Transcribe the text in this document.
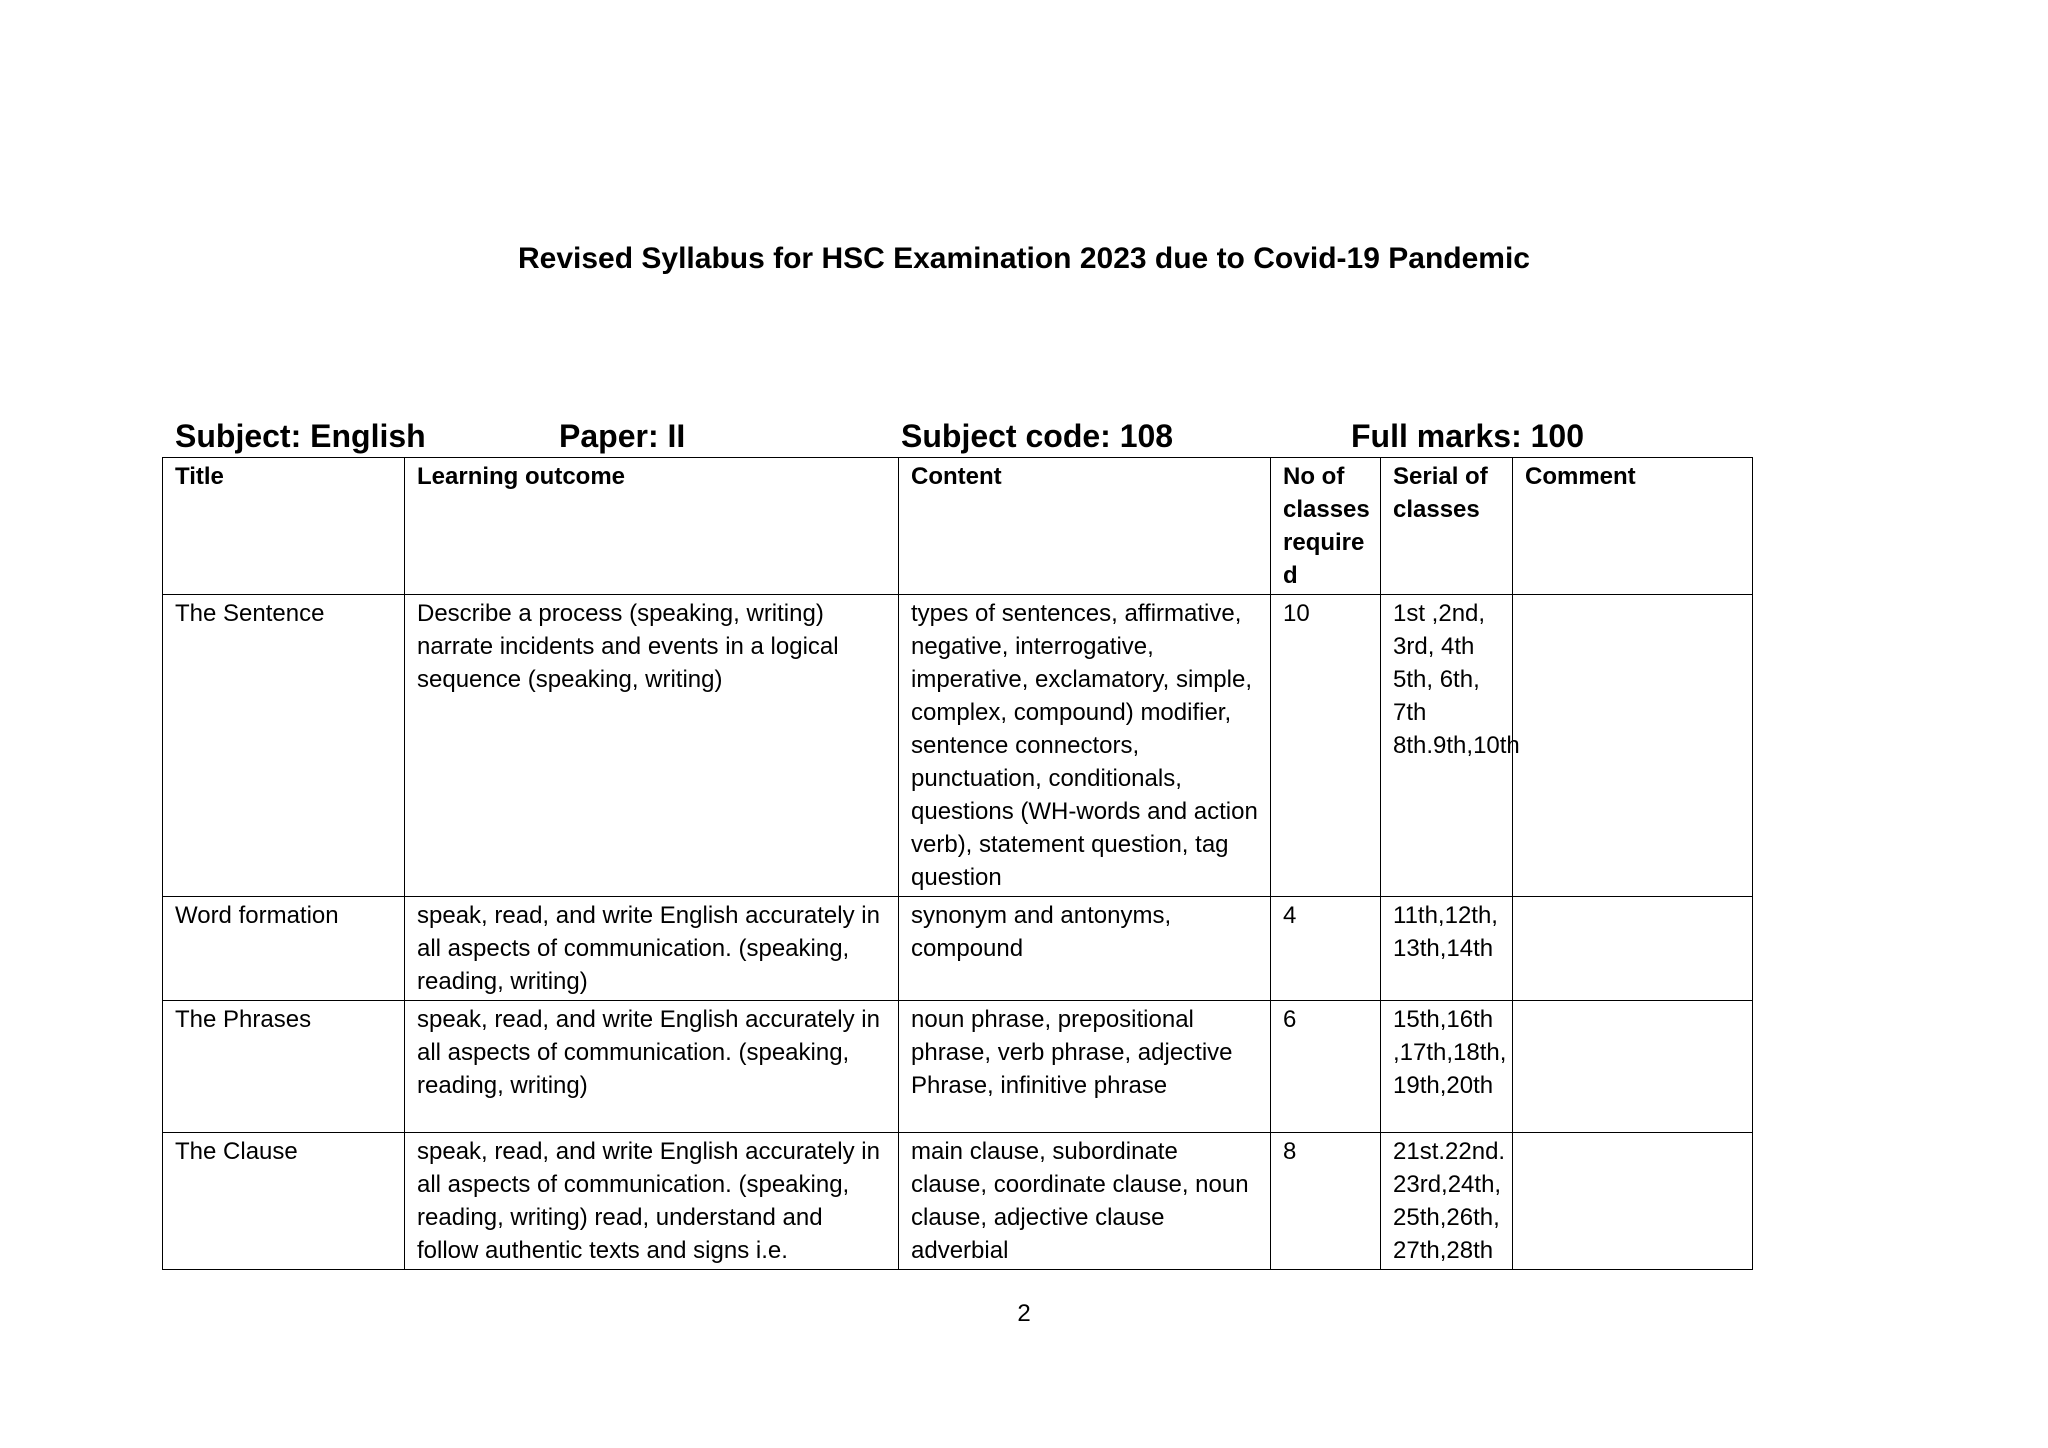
Revised Syllabus for HSC Examination 2023 due to Covid-19 Pandemic
Subject: English	Paper: II	Subject code: 108	Full marks: 100
Title	Learning outcome	Content	No of classes require d	Serial of classes	Comment
The Sentence	Describe a process (speaking, writing) narrate incidents and events in a logical sequence (speaking, writing)	types of sentences, affirmative, negative, interrogative, imperative, exclamatory, simple, complex, compound) modifier, sentence connectors, punctuation, conditionals, questions (WH-words and action verb), statement question, tag question	10	1st ,2nd, 3rd, 4th 5th, 6th, 7th 8th.9th,10th	
Word formation	speak, read, and write English accurately in all aspects of communication. (speaking, reading, writing)	synonym and antonyms, compound	4	11th,12th, 13th,14th	
The Phrases	speak, read, and write English accurately in all aspects of communication. (speaking, reading, writing)	noun phrase, prepositional phrase, verb phrase, adjective Phrase, infinitive phrase	6	15th,16th ,17th,18th, 19th,20th	
The Clause	speak, read, and write English accurately in all aspects of communication. (speaking, reading, writing) read, understand and follow authentic texts and signs i.e.	main clause, subordinate clause, coordinate clause, noun clause, adjective clause adverbial	8	21st.22nd. 23rd,24th, 25th,26th, 27th,28th	
2
